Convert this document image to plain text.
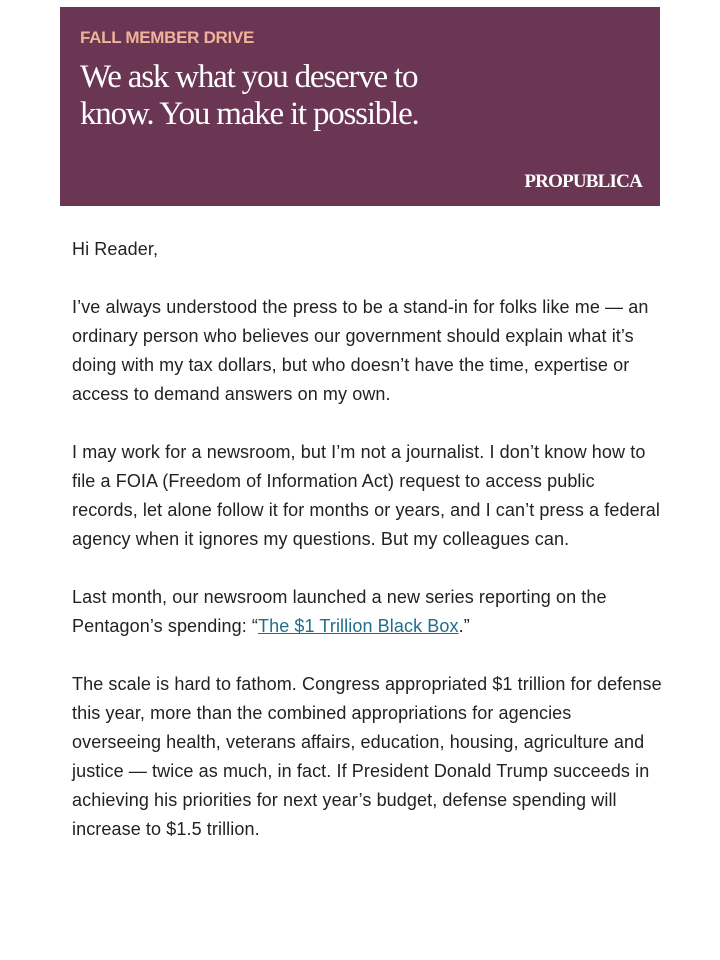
FALL MEMBER DRIVE
We ask what you deserve to know. You make it possible.
PROPUBLICA

Hi Reader,

I’ve always understood the press to be a stand-in for folks like me — an ordinary person who believes our government should explain what it’s doing with my tax dollars, but who doesn’t have the time, expertise or access to demand answers on my own.

I may work for a newsroom, but I’m not a journalist. I don’t know how to file a FOIA (Freedom of Information Act) request to access public records, let alone follow it for months or years, and I can’t press a federal agency when it ignores my questions. But my colleagues can.

Last month, our newsroom launched a new series reporting on the Pentagon’s spending: “The $1 Trillion Black Box.”

The scale is hard to fathom. Congress appropriated $1 trillion for defense this year, more than the combined appropriations for agencies overseeing health, veterans affairs, education, housing, agriculture and justice — twice as much, in fact. If President Donald Trump succeeds in achieving his priorities for next year’s budget, defense spending will increase to $1.5 trillion.
